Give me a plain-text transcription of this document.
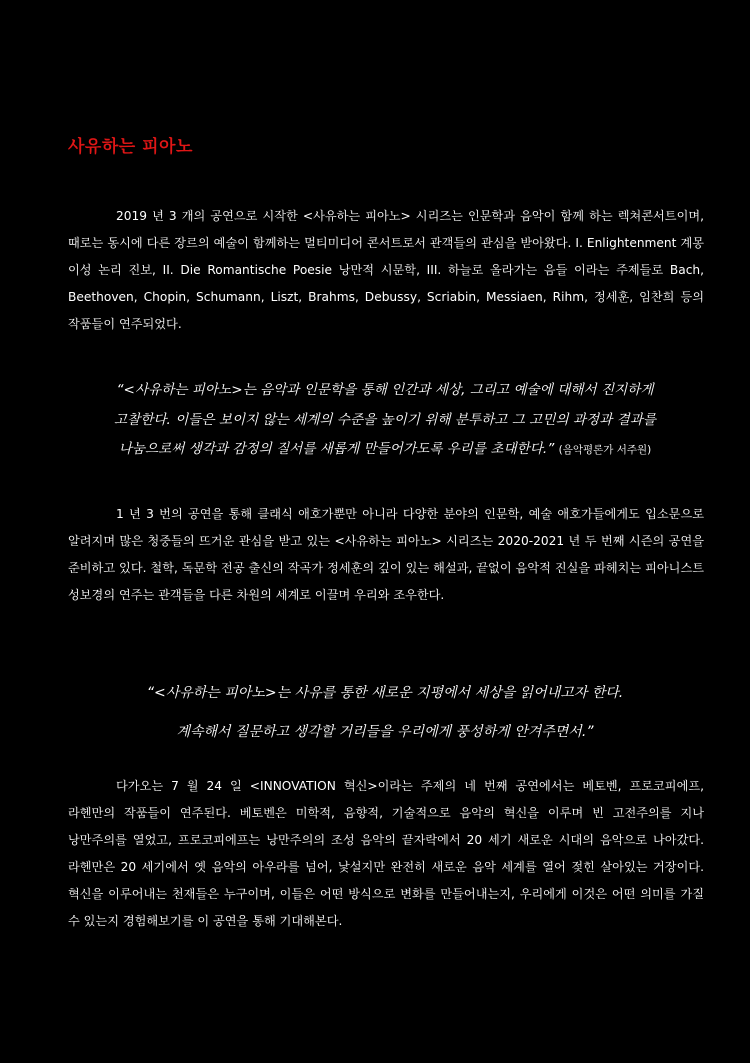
사유하는 피아노

2019 년 3 개의 공연으로 시작한 <사유하는 피아노> 시리즈는 인문학과 음악이 함께 하는 렉쳐콘서트이며, 때로는 동시에 다른 장르의 예술이 함께하는 멀티미디어 콘서트로서 관객들의 관심을 받아왔다. I. Enlightenment 계몽 이성 논리 진보, II. Die Romantische Poesie 낭만적 시문학, III. 하늘로 올라가는 음들 이라는 주제들로 Bach, Beethoven, Chopin, Schumann, Liszt, Brahms, Debussy, Scriabin, Messiaen, Rihm, 정세훈, 임찬희 등의 작품들이 연주되었다.

“<사유하는 피아노>는 음악과 인문학을 통해 인간과 세상, 그리고 예술에 대해서 진지하게
고찰한다. 이들은 보이지 않는 세계의 수준을 높이기 위해 분투하고 그 고민의 과정과 결과를
나눔으로써 생각과 감정의 질서를 새롭게 만들어가도록 우리를 초대한다.” (음악평론가 서주원)

1 년 3 번의 공연을 통해 클래식 애호가뿐만 아니라 다양한 분야의 인문학, 예술 애호가들에게도 입소문으로 알려지며 많은 청중들의 뜨거운 관심을 받고 있는 <사유하는 피아노> 시리즈는 2020-2021 년 두 번째 시즌의 공연을 준비하고 있다. 철학, 독문학 전공 출신의 작곡가 정세훈의 깊이 있는 해설과, 끝없이 음악적 진실을 파헤치는 피아니스트 성보경의 연주는 관객들을 다른 차원의 세계로 이끌며 우리와 조우한다.

“<사유하는 피아노>는 사유를 통한 새로운 지평에서 세상을 읽어내고자 한다.
계속해서 질문하고 생각할 거리들을 우리에게 풍성하게 안겨주면서.”

다가오는 7 월 24 일 <INNOVATION 혁신>이라는 주제의 네 번째 공연에서는 베토벤, 프로코피에프, 라헨만의 작품들이 연주된다. 베토벤은 미학적, 음향적, 기술적으로 음악의 혁신을 이루며 빈 고전주의를 지나 낭만주의를 열었고, 프로코피에프는 낭만주의의 조성 음악의 끝자락에서 20 세기 새로운 시대의 음악으로 나아갔다. 라헨만은 20 세기에서 옛 음악의 아우라를 넘어, 낯설지만 완전히 새로운 음악 세계를 열어 젖힌 살아있는 거장이다. 혁신을 이루어내는 천재들은 누구이며, 이들은 어떤 방식으로 변화를 만들어내는지, 우리에게 이것은 어떤 의미를 가질 수 있는지 경험해보기를 이 공연을 통해 기대해본다.
